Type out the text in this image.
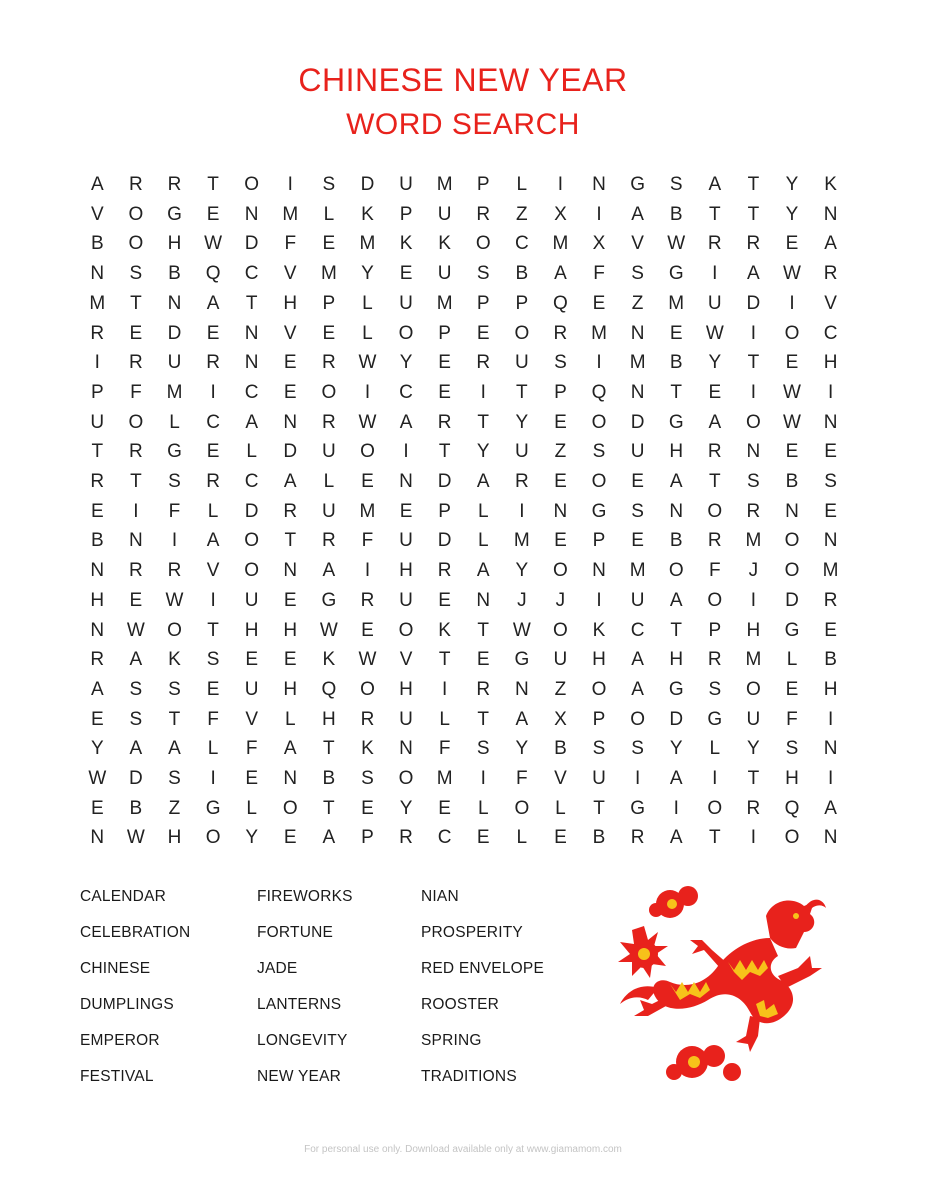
CHINESE NEW YEAR
WORD SEARCH
A	R	R	T	O	I	S	D	U	M	P	L	I	N	G	S	A	T	Y	K
V	O	G	E	N	M	L	K	P	U	R	Z	X	I	A	B	T	T	Y	N
B	O	H	W	D	F	E	M	K	K	O	C	M	X	V	W	R	R	E	A
N	S	B	Q	C	V	M	Y	E	U	S	B	A	F	S	G	I	A	W	R
M	T	N	A	T	H	P	L	U	M	P	P	Q	E	Z	M	U	D	I	V
R	E	D	E	N	V	E	L	O	P	E	O	R	M	N	E	W	I	O	C
I	R	U	R	N	E	R	W	Y	E	R	U	S	I	M	B	Y	T	E	H
P	F	M	I	C	E	O	I	C	E	I	T	P	Q	N	T	E	I	W	I
U	O	L	C	A	N	R	W	A	R	T	Y	E	O	D	G	A	O	W	N
T	R	G	E	L	D	U	O	I	T	Y	U	Z	S	U	H	R	N	E	E
R	T	S	R	C	A	L	E	N	D	A	R	E	O	E	A	T	S	B	S
E	I	F	L	D	R	U	M	E	P	L	I	N	G	S	N	O	R	N	E
B	N	I	A	O	T	R	F	U	D	L	M	E	P	E	B	R	M	O	N
N	R	R	V	O	N	A	I	H	R	A	Y	O	N	M	O	F	J	O	M
H	E	W	I	U	E	G	R	U	E	N	J	J	I	U	A	O	I	D	R
N	W	O	T	H	H	W	E	O	K	T	W	O	K	C	T	P	H	G	E
R	A	K	S	E	E	K	W	V	T	E	G	U	H	A	H	R	M	L	B
A	S	S	E	U	H	Q	O	H	I	R	N	Z	O	A	G	S	O	E	H
E	S	T	F	V	L	H	R	U	L	T	A	X	P	O	D	G	U	F	I
Y	A	A	L	F	A	T	K	N	F	S	Y	B	S	S	Y	L	Y	S	N
W	D	S	I	E	N	B	S	O	M	I	F	V	U	I	A	I	T	H	I
E	B	Z	G	L	O	T	E	Y	E	L	O	L	T	G	I	O	R	Q	A
N	W	H	O	Y	E	A	P	R	C	E	L	E	B	R	A	T	I	O	N
CALENDAR
CELEBRATION
CHINESE
DUMPLINGS
EMPEROR
FESTIVAL
FIREWORKS
FORTUNE
JADE
LANTERNS
LONGEVITY
NEW YEAR
NIAN
PROSPERITY
RED ENVELOPE
ROOSTER
SPRING
TRADITIONS
For personal use only. Download available only at www.giamamom.com
